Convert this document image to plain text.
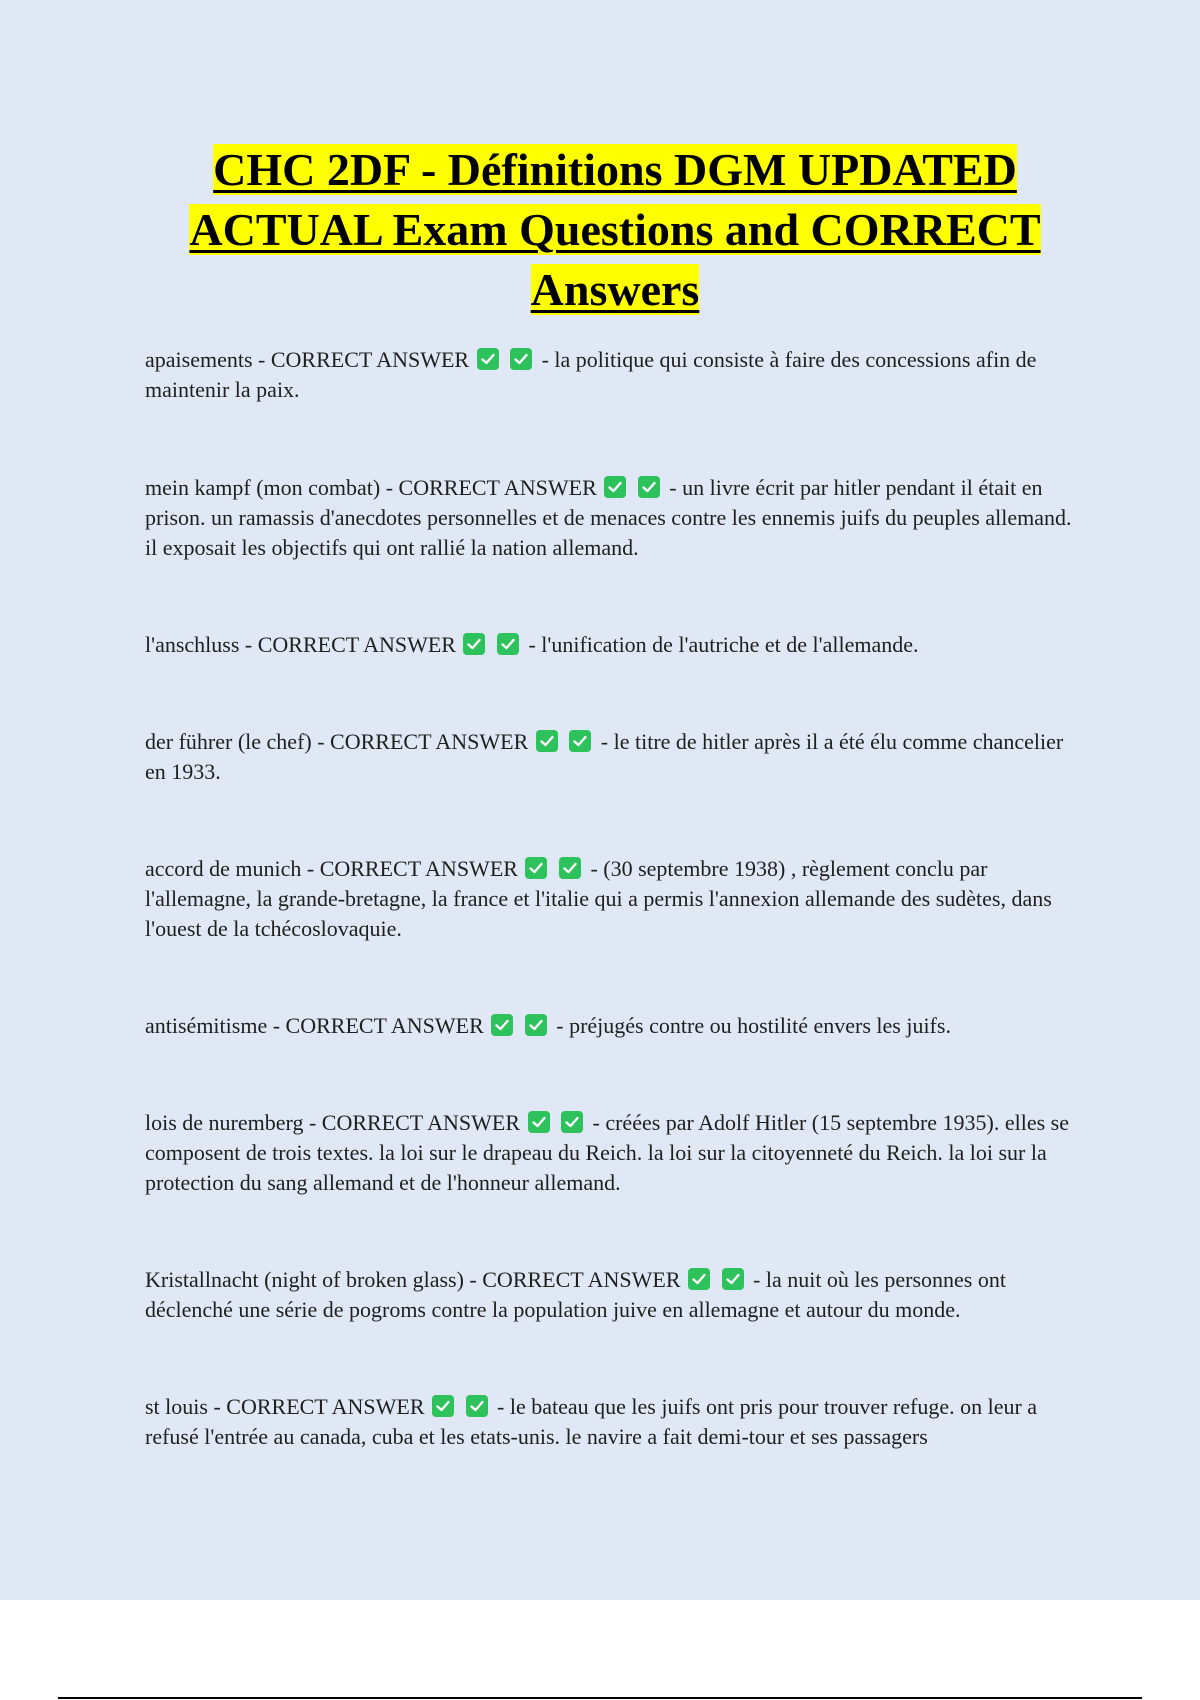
CHC 2DF - Définitions DGM UPDATED
ACTUAL Exam Questions and CORRECT
Answers

apaisements - CORRECT ANSWER
	- la politique qui consiste à faire des concessions afin de maintenir la paix.

mein kampf (mon combat) - CORRECT ANSWER
	- un livre écrit par hitler pendant il était en prison. un ramassis d'anecdotes personnelles et de menaces contre les ennemis juifs du peuples allemand. il exposait les objectifs qui ont rallié la nation allemand.

l'anschluss - CORRECT ANSWER
	- l'unification de l'autriche et de l'allemande.

der führer (le chef) - CORRECT ANSWER
	- le titre de hitler après il a été élu comme chancelier en 1933.

accord de munich - CORRECT ANSWER
	- (30 septembre 1938) , règlement conclu par l'allemagne, la grande-bretagne, la france et l'italie qui a permis l'annexion allemande des sudètes, dans l'ouest de la tchécoslovaquie.

antisémitisme - CORRECT ANSWER
	- préjugés contre ou hostilité envers les juifs.

lois de nuremberg - CORRECT ANSWER
	- créées par Adolf Hitler (15 septembre 1935). elles se composent de trois textes. la loi sur le drapeau du Reich. la loi sur la citoyenneté du Reich. la loi sur la protection du sang allemand et de l'honneur allemand.

Kristallnacht (night of broken glass) - CORRECT ANSWER
	- la nuit où les personnes ont déclenché une série de pogroms contre la population juive en allemagne et autour du monde.

st louis - CORRECT ANSWER
	- le bateau que les juifs ont pris pour trouver refuge. on leur a refusé l'entrée au canada, cuba et les etats-unis. le navire a fait demi-tour et ses passagers
